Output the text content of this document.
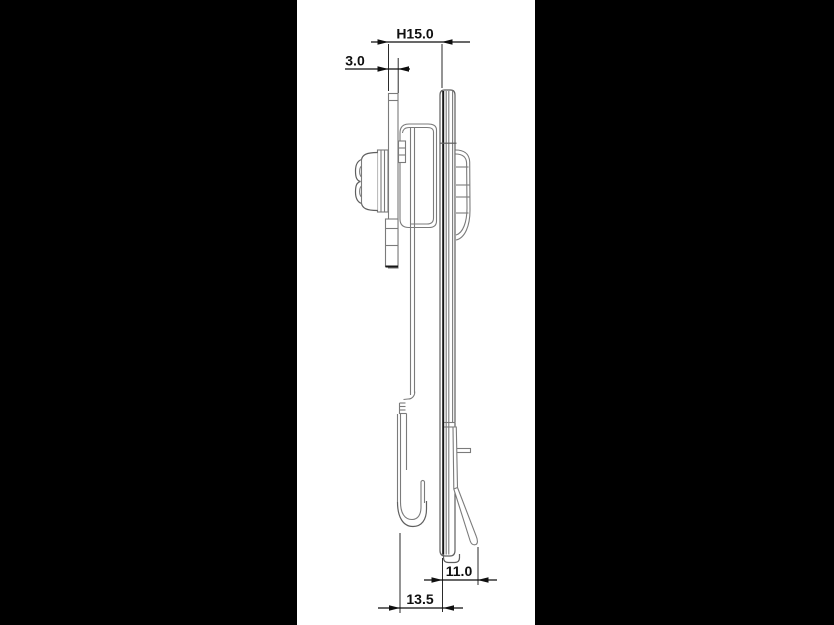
H15.0
3.0
11.0
13.5
